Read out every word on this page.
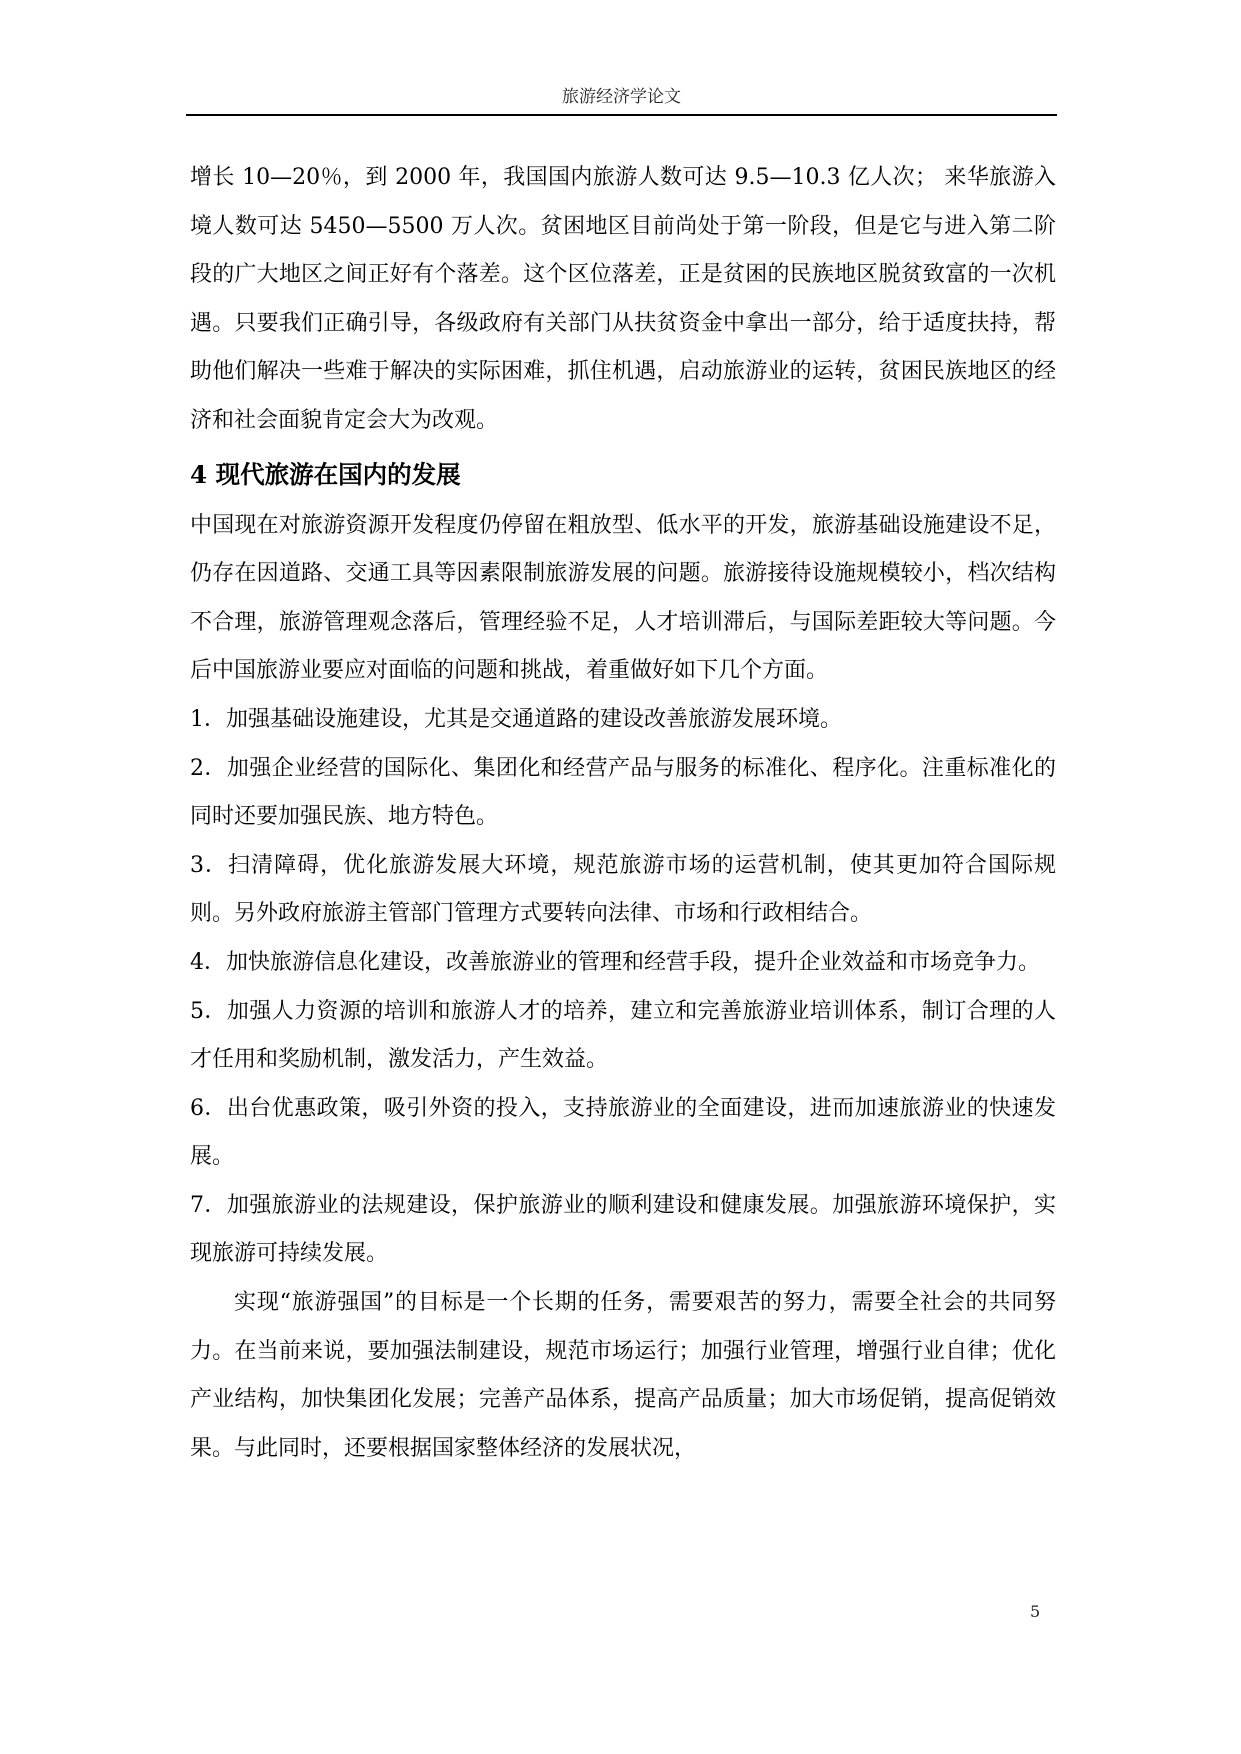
旅游经济学论文

增长 10—20％，到 2000 年，我国国内旅游人数可达 9.5—10.3 亿人次； 来华旅游入境人数可达 5450—5500 万人次。贫困地区目前尚处于第一阶段，但是它与进入第二阶段的广大地区之间正好有个落差。这个区位落差，正是贫困的民族地区脱贫致富的一次机遇。只要我们正确引导，各级政府有关部门从扶贫资金中拿出一部分，给于适度扶持，帮助他们解决一些难于解决的实际困难，抓住机遇，启动旅游业的运转，贫困民族地区的经济和社会面貌肯定会大为改观。

4 现代旅游在国内的发展

中国现在对旅游资源开发程度仍停留在粗放型、低水平的开发，旅游基础设施建设不足，仍存在因道路、交通工具等因素限制旅游发展的问题。旅游接待设施规模较小，档次结构不合理，旅游管理观念落后，管理经验不足，人才培训滞后，与国际差距较大等问题。今后中国旅游业要应对面临的问题和挑战，着重做好如下几个方面。

1．加强基础设施建设，尤其是交通道路的建设改善旅游发展环境。

2．加强企业经营的国际化、集团化和经营产品与服务的标准化、程序化。注重标准化的同时还要加强民族、地方特色。

3．扫清障碍，优化旅游发展大环境，规范旅游市场的运营机制，使其更加符合国际规则。另外政府旅游主管部门管理方式要转向法律、市场和行政相结合。

4．加快旅游信息化建设，改善旅游业的管理和经营手段，提升企业效益和市场竞争力。

5．加强人力资源的培训和旅游人才的培养，建立和完善旅游业培训体系，制订合理的人才任用和奖励机制，激发活力，产生效益。

6．出台优惠政策，吸引外资的投入，支持旅游业的全面建设，进而加速旅游业的快速发展。

7．加强旅游业的法规建设，保护旅游业的顺利建设和健康发展。加强旅游环境保护，实现旅游可持续发展。

实现“旅游强国”的目标是一个长期的任务，需要艰苦的努力，需要全社会的共同努力。在当前来说，要加强法制建设，规范市场运行；加强行业管理，增强行业自律；优化产业结构，加快集团化发展；完善产品体系，提高产品质量；加大市场促销，提高促销效果。与此同时，还要根据国家整体经济的发展状况，

5
